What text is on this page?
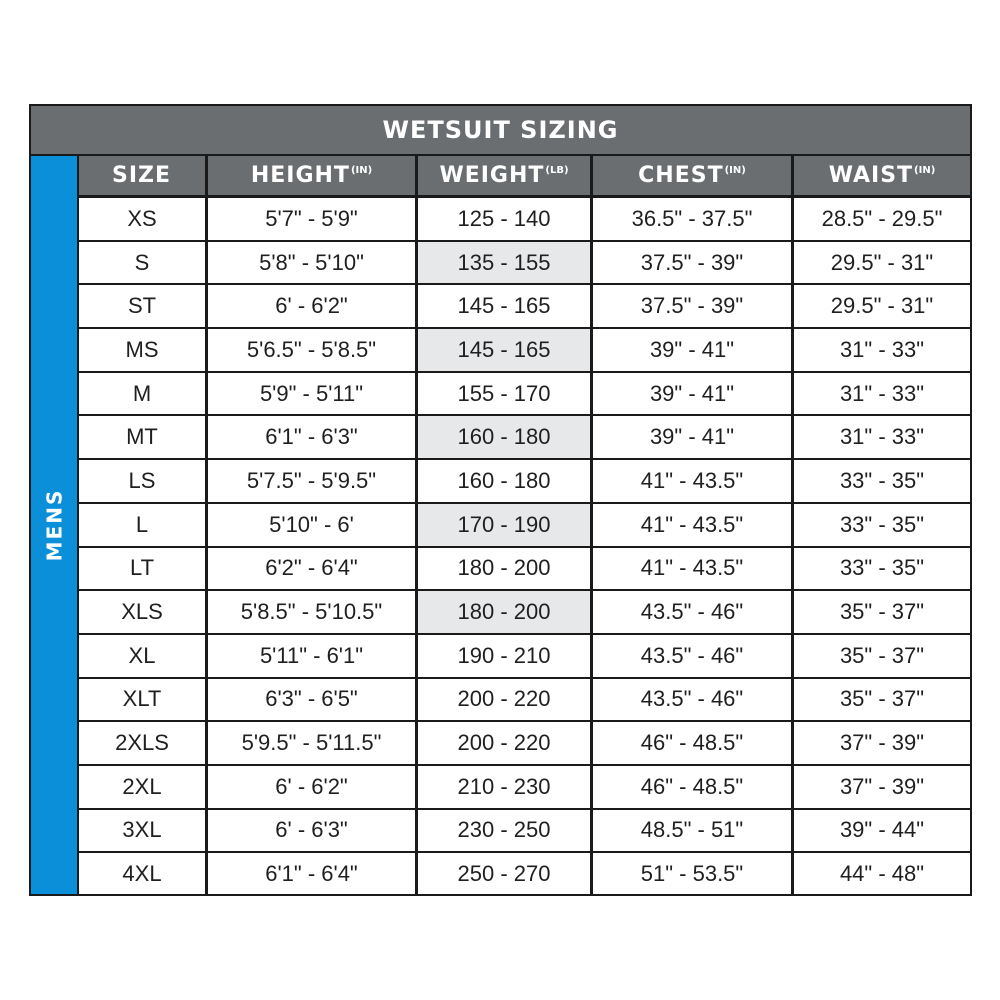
WETSUIT SIZING
MENS
SIZE	$HEIGHT^{(IN)}$	$WEIGHT^{(LB)}$	$CHEST^{(IN)}$	$WAIST^{(IN)}$
XS	5'7" - 5'9"	125 - 140	36.5" - 37.5"	28.5" - 29.5"
S	5'8" - 5'10"	135 - 155	37.5" - 39"	29.5" - 31"
ST	6' - 6'2"	145 - 165	37.5" - 39"	29.5" - 31"
MS	5'6.5" - 5'8.5"	145 - 165	39" - 41"	31" - 33"
M	5'9" - 5'11"	155 - 170	39" - 41"	31" - 33"
MT	6'1" - 6'3"	160 - 180	39" - 41"	31" - 33"
LS	5'7.5" - 5'9.5"	160 - 180	41" - 43.5"	33" - 35"
L	5'10" - 6'	170 - 190	41" - 43.5"	33" - 35"
LT	6'2" - 6'4"	180 - 200	41" - 43.5"	33" - 35"
XLS	5'8.5" - 5'10.5"	180 - 200	43.5" - 46"	35" - 37"
XL	5'11" - 6'1"	190 - 210	43.5" - 46"	35" - 37"
XLT	6'3" - 6'5"	200 - 220	43.5" - 46"	35" - 37"
2XLS	5'9.5" - 5'11.5"	200 - 220	46" - 48.5"	37" - 39"
2XL	6' - 6'2"	210 - 230	46" - 48.5"	37" - 39"
3XL	6' - 6'3"	230 - 250	48.5" - 51"	39" - 44"
4XL	6'1" - 6'4"	250 - 270	51" - 53.5"	44" - 48"
